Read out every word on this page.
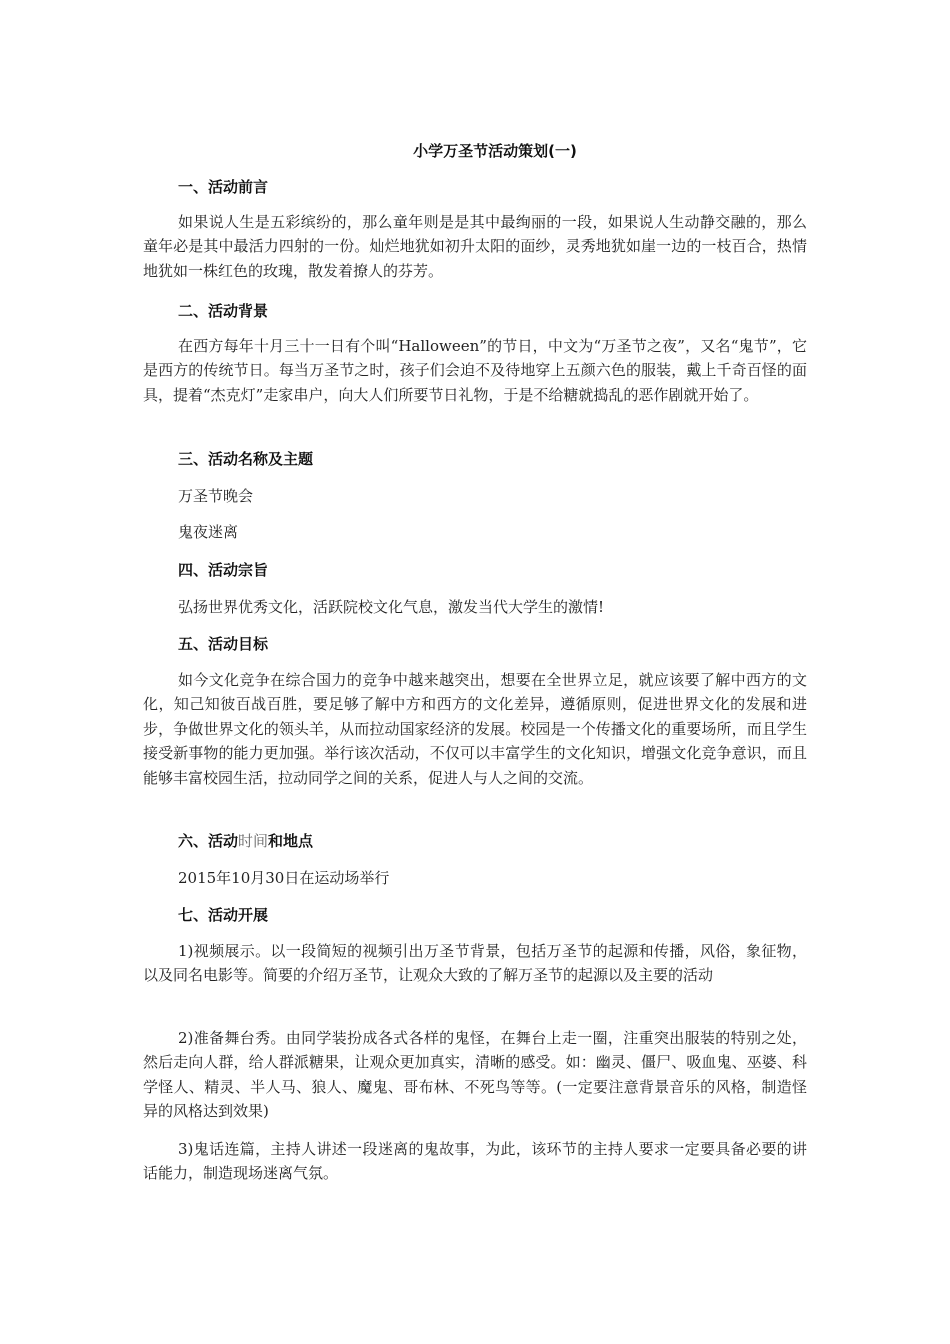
小学万圣节活动策划(一)
一、活动前言
如果说人生是五彩缤纷的，那么童年则是是其中最绚丽的一段，如果说人生动静交融的，那么童年必是其中最活力四射的一份。灿烂地犹如初升太阳的面纱，灵秀地犹如崖一边的一枝百合，热情地犹如一株红色的玫瑰，散发着撩人的芬芳。
二、活动背景
在西方每年十月三十一日有个叫“Halloween”的节日，中文为“万圣节之夜”，又名“鬼节”，它是西方的传统节日。每当万圣节之时，孩子们会迫不及待地穿上五颜六色的服装，戴上千奇百怪的面具，提着“杰克灯”走家串户，向大人们所要节日礼物，于是不给糖就捣乱的恶作剧就开始了。
三、活动名称及主题
万圣节晚会
鬼夜迷离
四、活动宗旨
弘扬世界优秀文化，活跃院校文化气息，激发当代大学生的激情!
五、活动目标
如今文化竞争在综合国力的竞争中越来越突出，想要在全世界立足，就应该要了解中西方的文化，知己知彼百战百胜，要足够了解中方和西方的文化差异，遵循原则，促进世界文化的发展和进步，争做世界文化的领头羊，从而拉动国家经济的发展。校园是一个传播文化的重要场所，而且学生接受新事物的能力更加强。举行该次活动，不仅可以丰富学生的文化知识，增强文化竞争意识，而且能够丰富校园生活，拉动同学之间的关系，促进人与人之间的交流。
六、活动时间和地点
2015年10月30日在运动场举行
七、活动开展
1)视频展示。以一段简短的视频引出万圣节背景，包括万圣节的起源和传播，风俗，象征物，以及同名电影等。简要的介绍万圣节，让观众大致的了解万圣节的起源以及主要的活动
2)准备舞台秀。由同学装扮成各式各样的鬼怪，在舞台上走一圈，注重突出服装的特别之处，然后走向人群，给人群派糖果，让观众更加真实，清晰的感受。如：幽灵、僵尸、吸血鬼、巫婆、科学怪人、精灵、半人马、狼人、魔鬼、哥布林、不死鸟等等。(一定要注意背景音乐的风格，制造怪异的风格达到效果)
3)鬼话连篇，主持人讲述一段迷离的鬼故事，为此，该环节的主持人要求一定要具备必要的讲话能力，制造现场迷离气氛。
